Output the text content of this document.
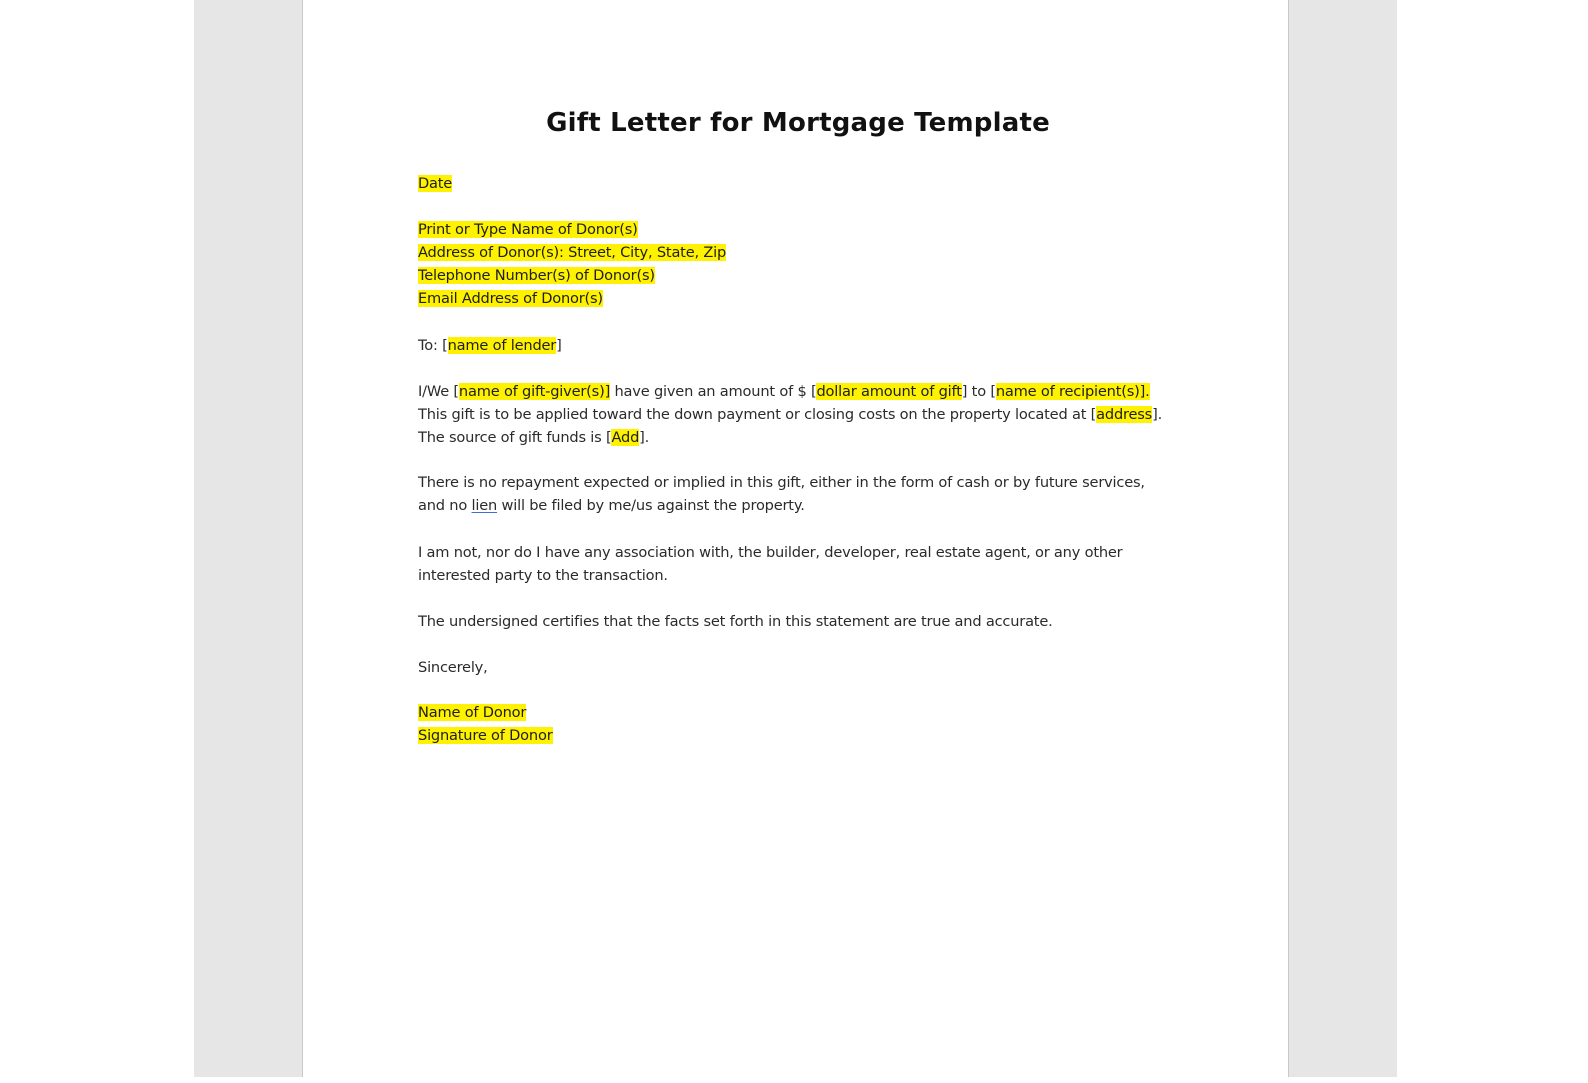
Gift Letter for Mortgage Template
Date
Print or Type Name of Donor(s)
Address of Donor(s): Street, City, State, Zip
Telephone Number(s) of Donor(s)
Email Address of Donor(s)
To: [name of lender]
I/We [name of gift-giver(s)] have given an amount of $ [dollar amount of gift] to [name of recipient(s)].
This gift is to be applied toward the down payment or closing costs on the property located at [address].
The source of gift funds is [Add].
There is no repayment expected or implied in this gift, either in the form of cash or by future services,
and no lien will be filed by me/us against the property.
I am not, nor do I have any association with, the builder, developer, real estate agent, or any other
interested party to the transaction.
The undersigned certifies that the facts set forth in this statement are true and accurate.
Sincerely,
Name of Donor
Signature of Donor
